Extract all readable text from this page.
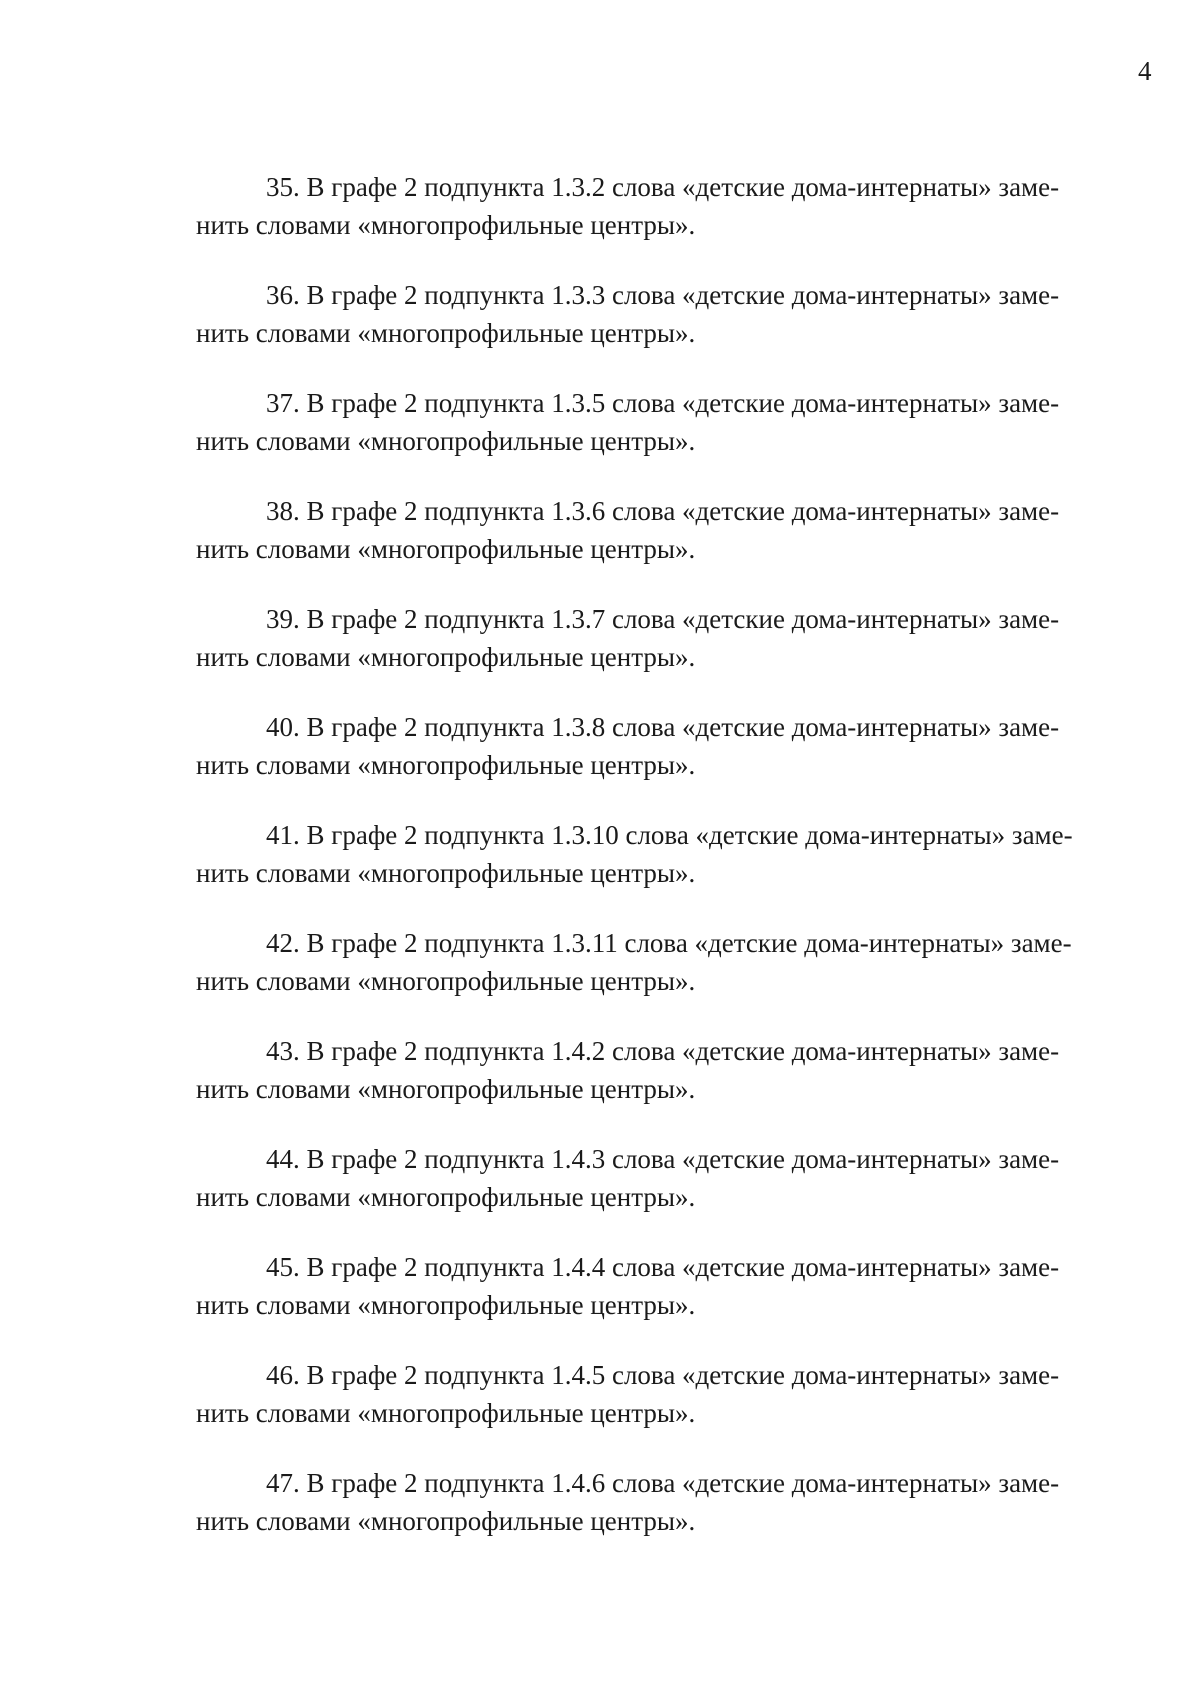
4
35. В графе 2 подпункта 1.3.2 слова «детские дома-интернаты» заме-
нить словами «многопрофильные центры».
36. В графе 2 подпункта 1.3.3 слова «детские дома-интернаты» заме-
нить словами «многопрофильные центры».
37. В графе 2 подпункта 1.3.5 слова «детские дома-интернаты» заме-
нить словами «многопрофильные центры».
38. В графе 2 подпункта 1.3.6 слова «детские дома-интернаты» заме-
нить словами «многопрофильные центры».
39. В графе 2 подпункта 1.3.7 слова «детские дома-интернаты» заме-
нить словами «многопрофильные центры».
40. В графе 2 подпункта 1.3.8 слова «детские дома-интернаты» заме-
нить словами «многопрофильные центры».
41. В графе 2 подпункта 1.3.10 слова «детские дома-интернаты» заме-
нить словами «многопрофильные центры».
42. В графе 2 подпункта 1.3.11 слова «детские дома-интернаты» заме-
нить словами «многопрофильные центры».
43. В графе 2 подпункта 1.4.2 слова «детские дома-интернаты» заме-
нить словами «многопрофильные центры».
44. В графе 2 подпункта 1.4.3 слова «детские дома-интернаты» заме-
нить словами «многопрофильные центры».
45. В графе 2 подпункта 1.4.4 слова «детские дома-интернаты» заме-
нить словами «многопрофильные центры».
46. В графе 2 подпункта 1.4.5 слова «детские дома-интернаты» заме-
нить словами «многопрофильные центры».
47. В графе 2 подпункта 1.4.6 слова «детские дома-интернаты» заме-
нить словами «многопрофильные центры».
